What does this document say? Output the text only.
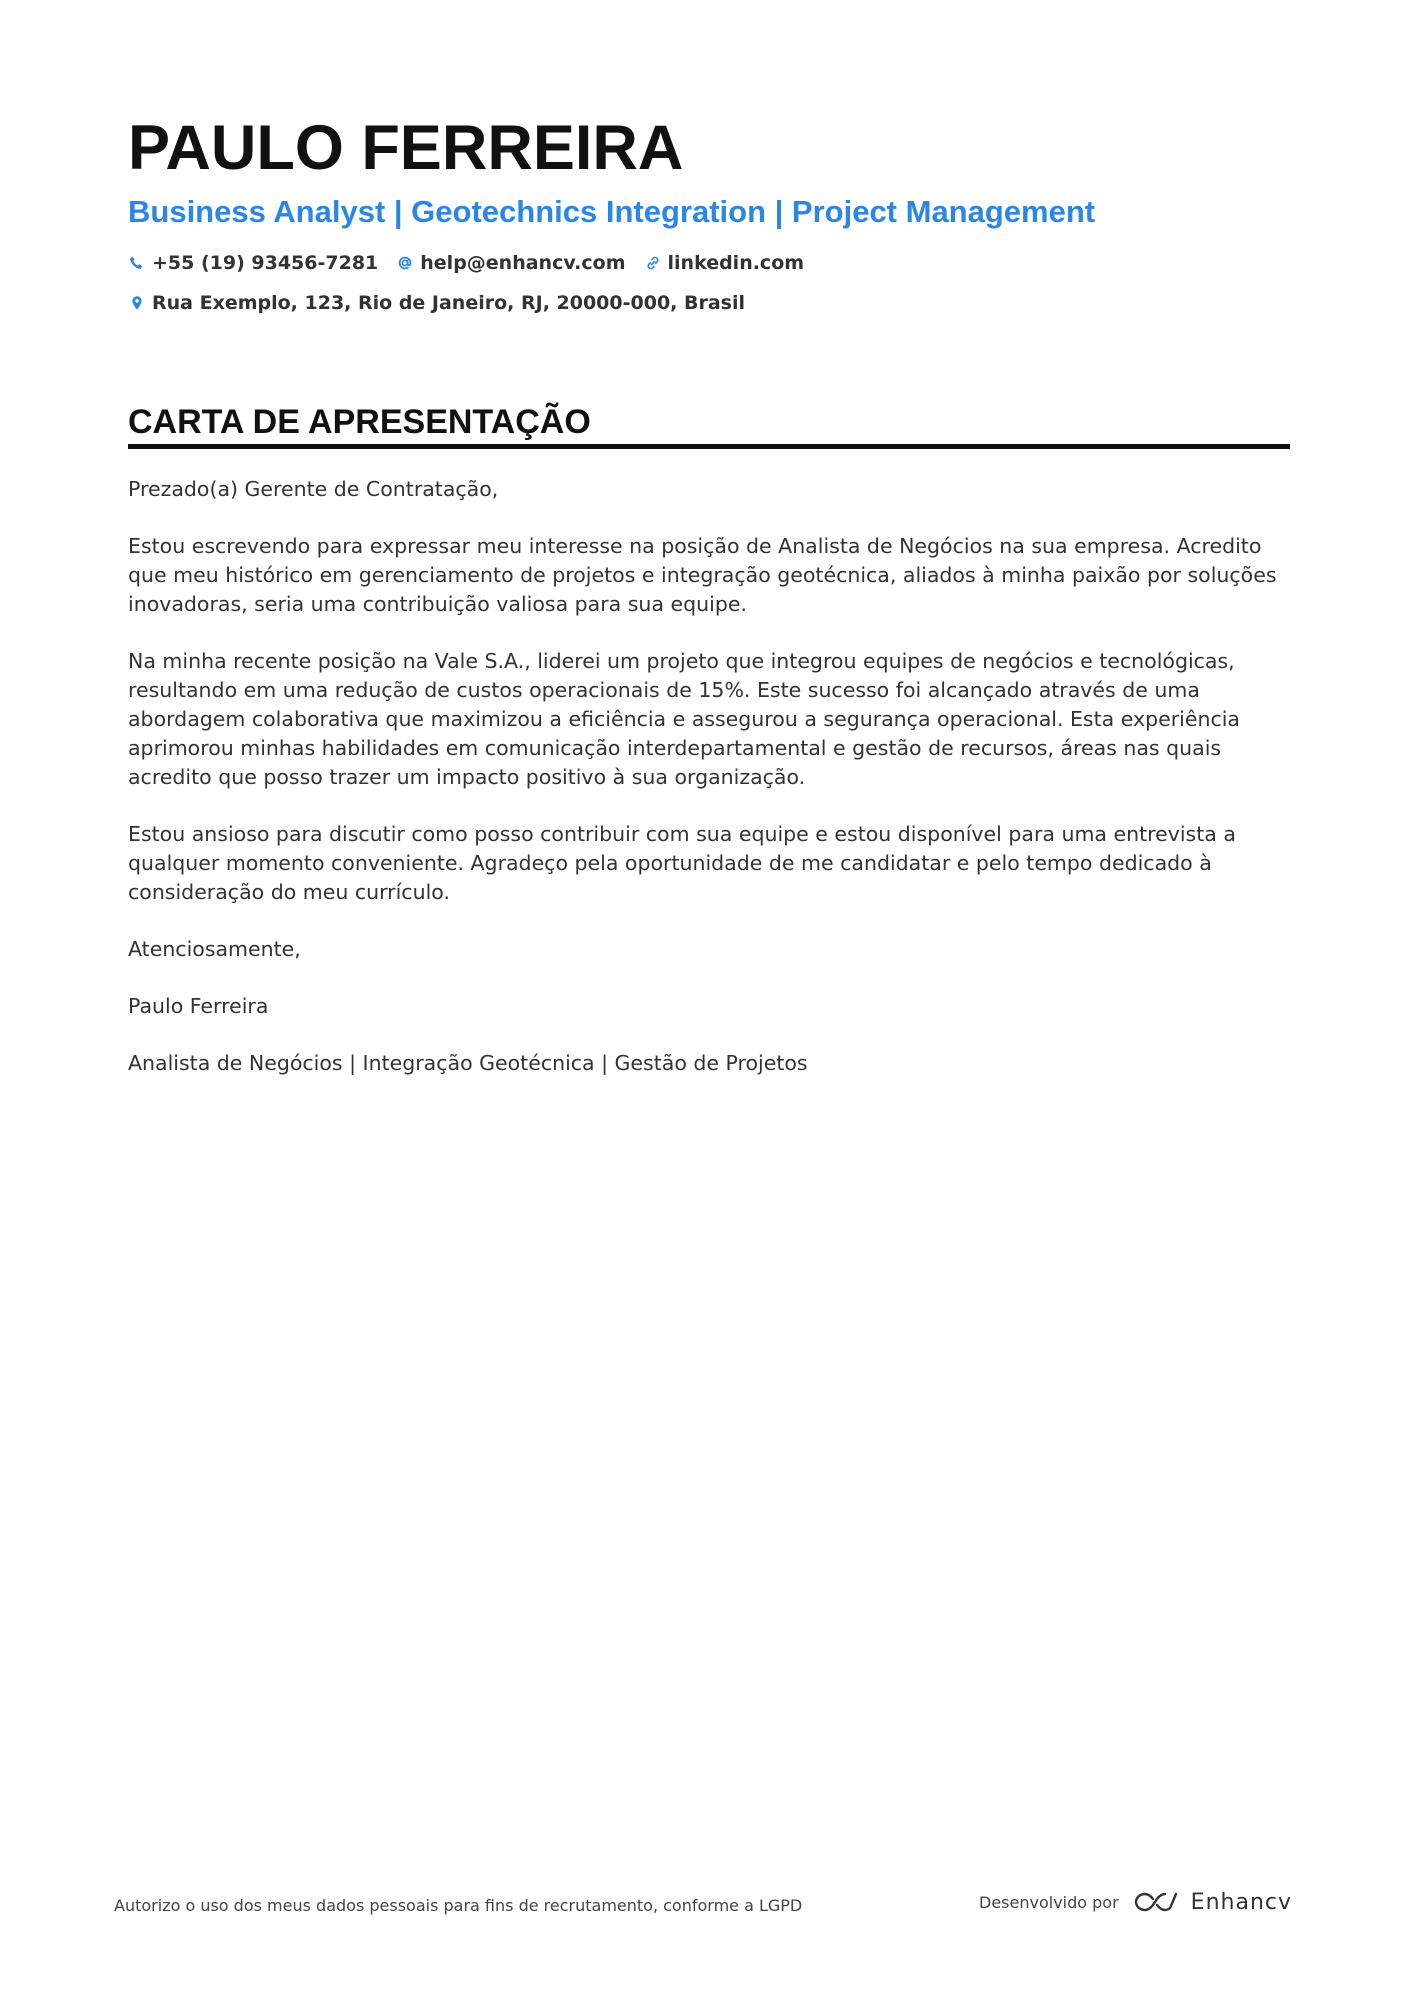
PAULO FERREIRA
Business Analyst | Geotechnics Integration | Project Management
+55 (19) 93456-7281 help@enhancv.com linkedin.com
Rua Exemplo, 123, Rio de Janeiro, RJ, 20000-000, Brasil
CARTA DE APRESENTAÇÃO

Prezado(a) Gerente de Contratação,

Estou escrevendo para expressar meu interesse na posição de Analista de Negócios na sua empresa. Acredito que meu histórico em gerenciamento de projetos e integração geotécnica, aliados à minha paixão por soluções inovadoras, seria uma contribuição valiosa para sua equipe.

Na minha recente posição na Vale S.A., liderei um projeto que integrou equipes de negócios e tecnológicas, resultando em uma redução de custos operacionais de 15%. Este sucesso foi alcançado através de uma abordagem colaborativa que maximizou a eficiência e assegurou a segurança operacional. Esta experiência aprimorou minhas habilidades em comunicação interdepartamental e gestão de recursos, áreas nas quais acredito que posso trazer um impacto positivo à sua organização.

Estou ansioso para discutir como posso contribuir com sua equipe e estou disponível para uma entrevista a qualquer momento conveniente. Agradeço pela oportunidade de me candidatar e pelo tempo dedicado à consideração do meu currículo.

Atenciosamente,

Paulo Ferreira

Analista de Negócios | Integração Geotécnica | Gestão de Projetos

Autorizo o uso dos meus dados pessoais para fins de recrutamento, conforme a LGPD	Desenvolvido por	Enhancv
